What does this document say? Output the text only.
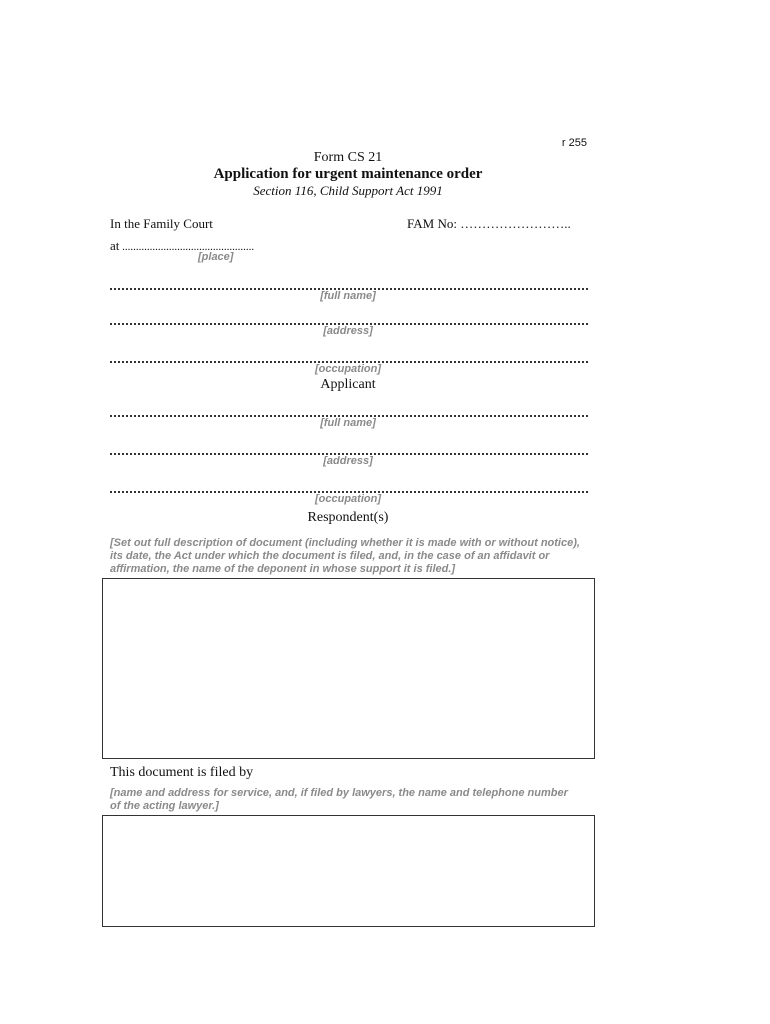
r 255
Form CS 21
Application for urgent maintenance order
Section 116, Child Support Act 1991
In the Family Court	FAM No: ……………………..
at ................................................
[place]
[full name]
[address]
[occupation]
Applicant
[full name]
[address]
[occupation]
Respondent(s)
[Set out full description of document (including whether it is made with or without notice), its date, the Act under which the document is filed, and, in the case of an affidavit or affirmation, the name of the deponent in whose support it is filed.]
This document is filed by
[name and address for service, and, if filed by lawyers, the name and telephone number of the acting lawyer.]
